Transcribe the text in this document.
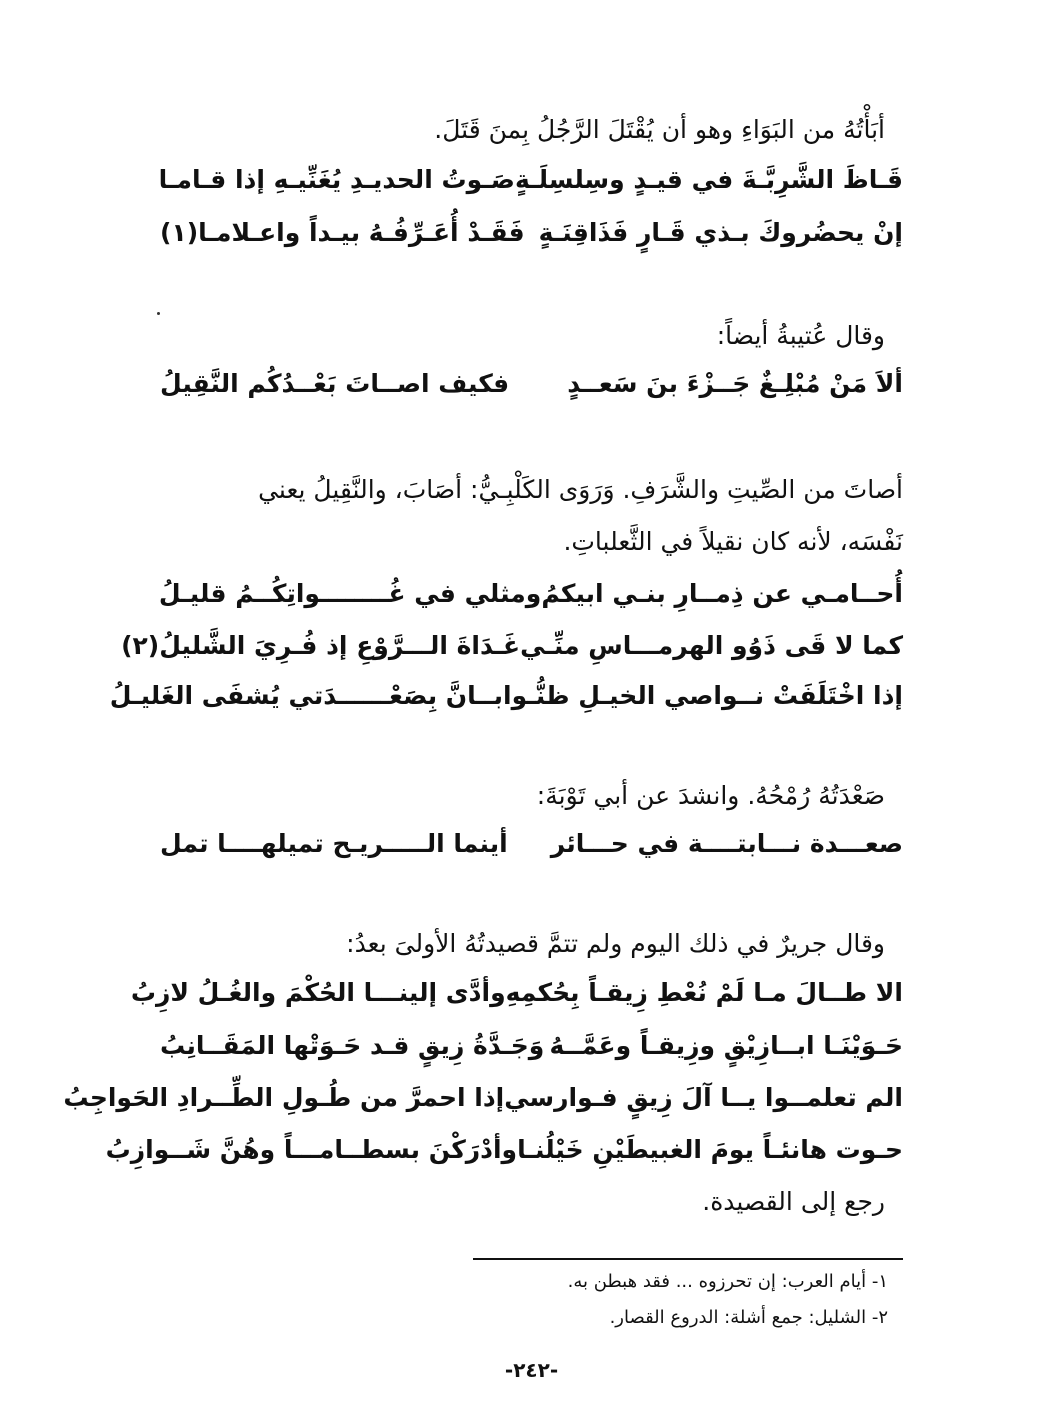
أبَأْتُهُ من البَوَاءِ وهو أن يُقْتَلَ الرَّجُلُ بِمنَ قَتَلَ.

قَـاظَ الشَّرِبَّـةَ في قيـدٍ وسِلسِلَـةٍ
صَـوتُ الحديـدِ يُغَنِّيـهِ إذا قـامـا
إنْ يحضُروكَ بـذي قَـارٍ فَذَاقِنَـةٍ
فَقَـدْ أُعَـرِّفُـهُ بيـداً واعـلامـا(١)

وقال عُتيبةُ أيضاً:

ألاَ مَنْ مُبْلِـغٌ جَــزْءَ بنَ سَعــدٍ
فكيف اصــاتَ بَعْــدُكُم النَّقِيلُ

أصاتَ من الصِّيتِ والشَّرَفِ. وَرَوَى الكَلْبِـيُّ: أصَابَ، والنَّقِيلُ يعني

نَفْسَه، لأنه كان نقيلاً في الثَّعلباتِ.

أُحــامـي عن ذِمــارِ بنـي ابيكمُ
ومثلي في غُــــــــواتِكُــمُ قليـلُ
كما لا قَى ذَوُو الهرمـــاسِ منِّـي
غَـدَاةَ الـــرَّوْعِ إذ فُـرِيَ الشَّليلُ(٢)
إذا اخْتَلَفَتْ نــواصي الخيـلِ ظنُّـوا
بــانَّ بِصَعْــــــدَتي يُشفَى الغَليـلُ

صَعْدَتُهُ رُمْحُهُ. وانشدَ عن أبي تَوْبَةَ:

صعـــدة نـــابتــــة في حـــائر
أينما الـــــريـح تميلهــــا تمل

وقال جريرٌ في ذلك اليوم ولم تتمَّ قصيدتُهُ الأولىَ بعدُ:

الا طــالَ مـا لَمْ نُعْطِ زِيقـاً بِحُكمِهِ
وأدَّى إلينـــا الحُكْمَ والغُـلُ لازِبُ
حَـوَيْنَـا ابــازِيْقٍ وزِيقـاً وعَمَّــهُ
وَجَـدَّةُ زِيقٍ قـد حَـوَتْها المَقَــانِبُ
الم تعلمــوا يــا آلَ زِيقٍ فـوارسي
إذا احمرَّ من طُـولِ الطِّــرادِ الحَواجِبُ
حـوت هانئـاً يومَ الغبيطَيْنِ خَيْلُنـا
وأدْرَكْنَ بسطــامـــاً وهُنَّ شَــوازِبُ

رجع إلى القصيدة.

١- أيام العرب: إن تحرزوه ... فقد هبطن به.
٢- الشليل: جمع أشلة: الدروع القصار.
-٢٤٢-
